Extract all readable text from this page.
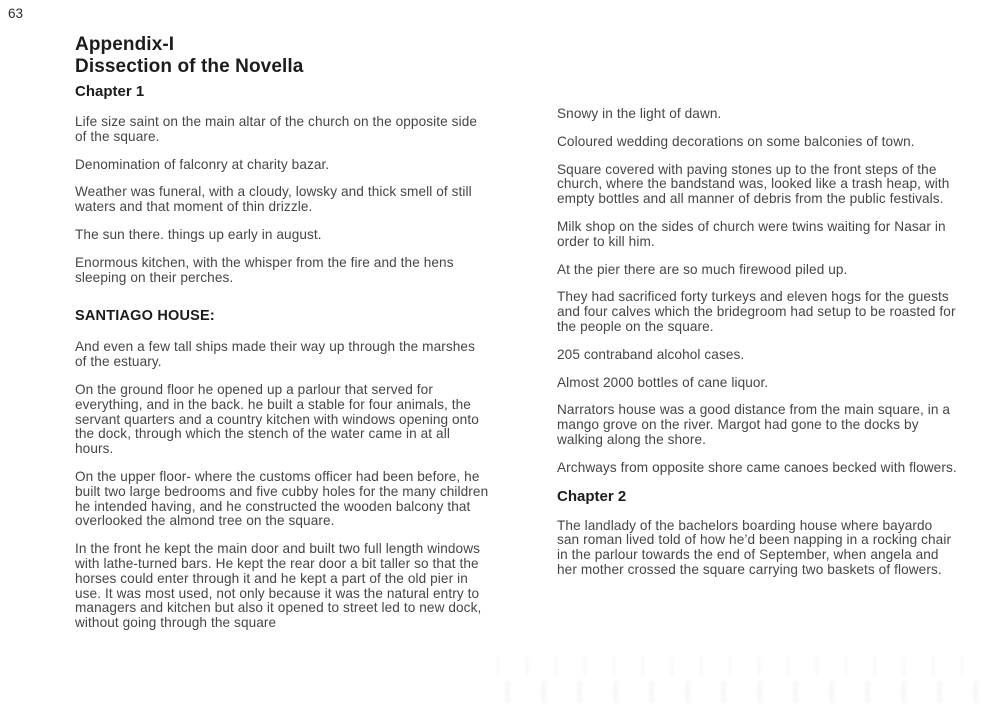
63
Appendix-I
Dissection of the Novella
Chapter 1

Life size saint on the main altar of the church on the opposite side of the square.

Denomination of falconry at charity bazar.

Weather was funeral, with a cloudy, lowsky and thick smell of still waters and that moment of thin drizzle.

The sun there. things up early in august.

Enormous kitchen, with the whisper from the fire and the hens sleeping on their perches.

SANTIAGO HOUSE:

And even a few tall ships made their way up through the marshes of the estuary.

On the ground floor he opened up a parlour that served for everything, and in the back. he built a stable for four animals, the servant quarters and a country kitchen with windows opening onto the dock, through which the stench of the water came in at all hours.

On the upper floor- where the customs officer had been before, he built two large bedrooms and five cubby holes for the many children he intended having, and he constructed the wooden balcony that overlooked the almond tree on the square.

In the front he kept the main door and built two full length windows with lathe-turned bars. He kept the rear door a bit taller so that the horses could enter through it and he kept a part of the old pier in use. It was most used, not only because it was the natural entry to managers and kitchen but also it opened to street led to new dock, without going through the square

Snowy in the light of dawn.

Coloured wedding decorations on some balconies of town.

Square covered with paving stones up to the front steps of the church, where the bandstand was, looked like a trash heap, with empty bottles and all manner of debris from the public festivals.

Milk shop on the sides of church were twins waiting for Nasar in order to kill him.

At the pier there are so much firewood piled up.

They had sacrificed forty turkeys and eleven hogs for the guests and four calves which the bridegroom had setup to be roasted for the people on the square.

205 contraband alcohol cases.

Almost 2000 bottles of cane liquor.

Narrators house was a good distance from the main square, in a mango grove on the river. Margot had gone to the docks by walking along the shore.

Archways from opposite shore came canoes becked with flowers.

Chapter 2

The landlady of the bachelors boarding house where bayardo san roman lived told of how he’d been napping in a rocking chair in the parlour towards the end of September, when angela and her mother crossed the square carrying two baskets of flowers.
